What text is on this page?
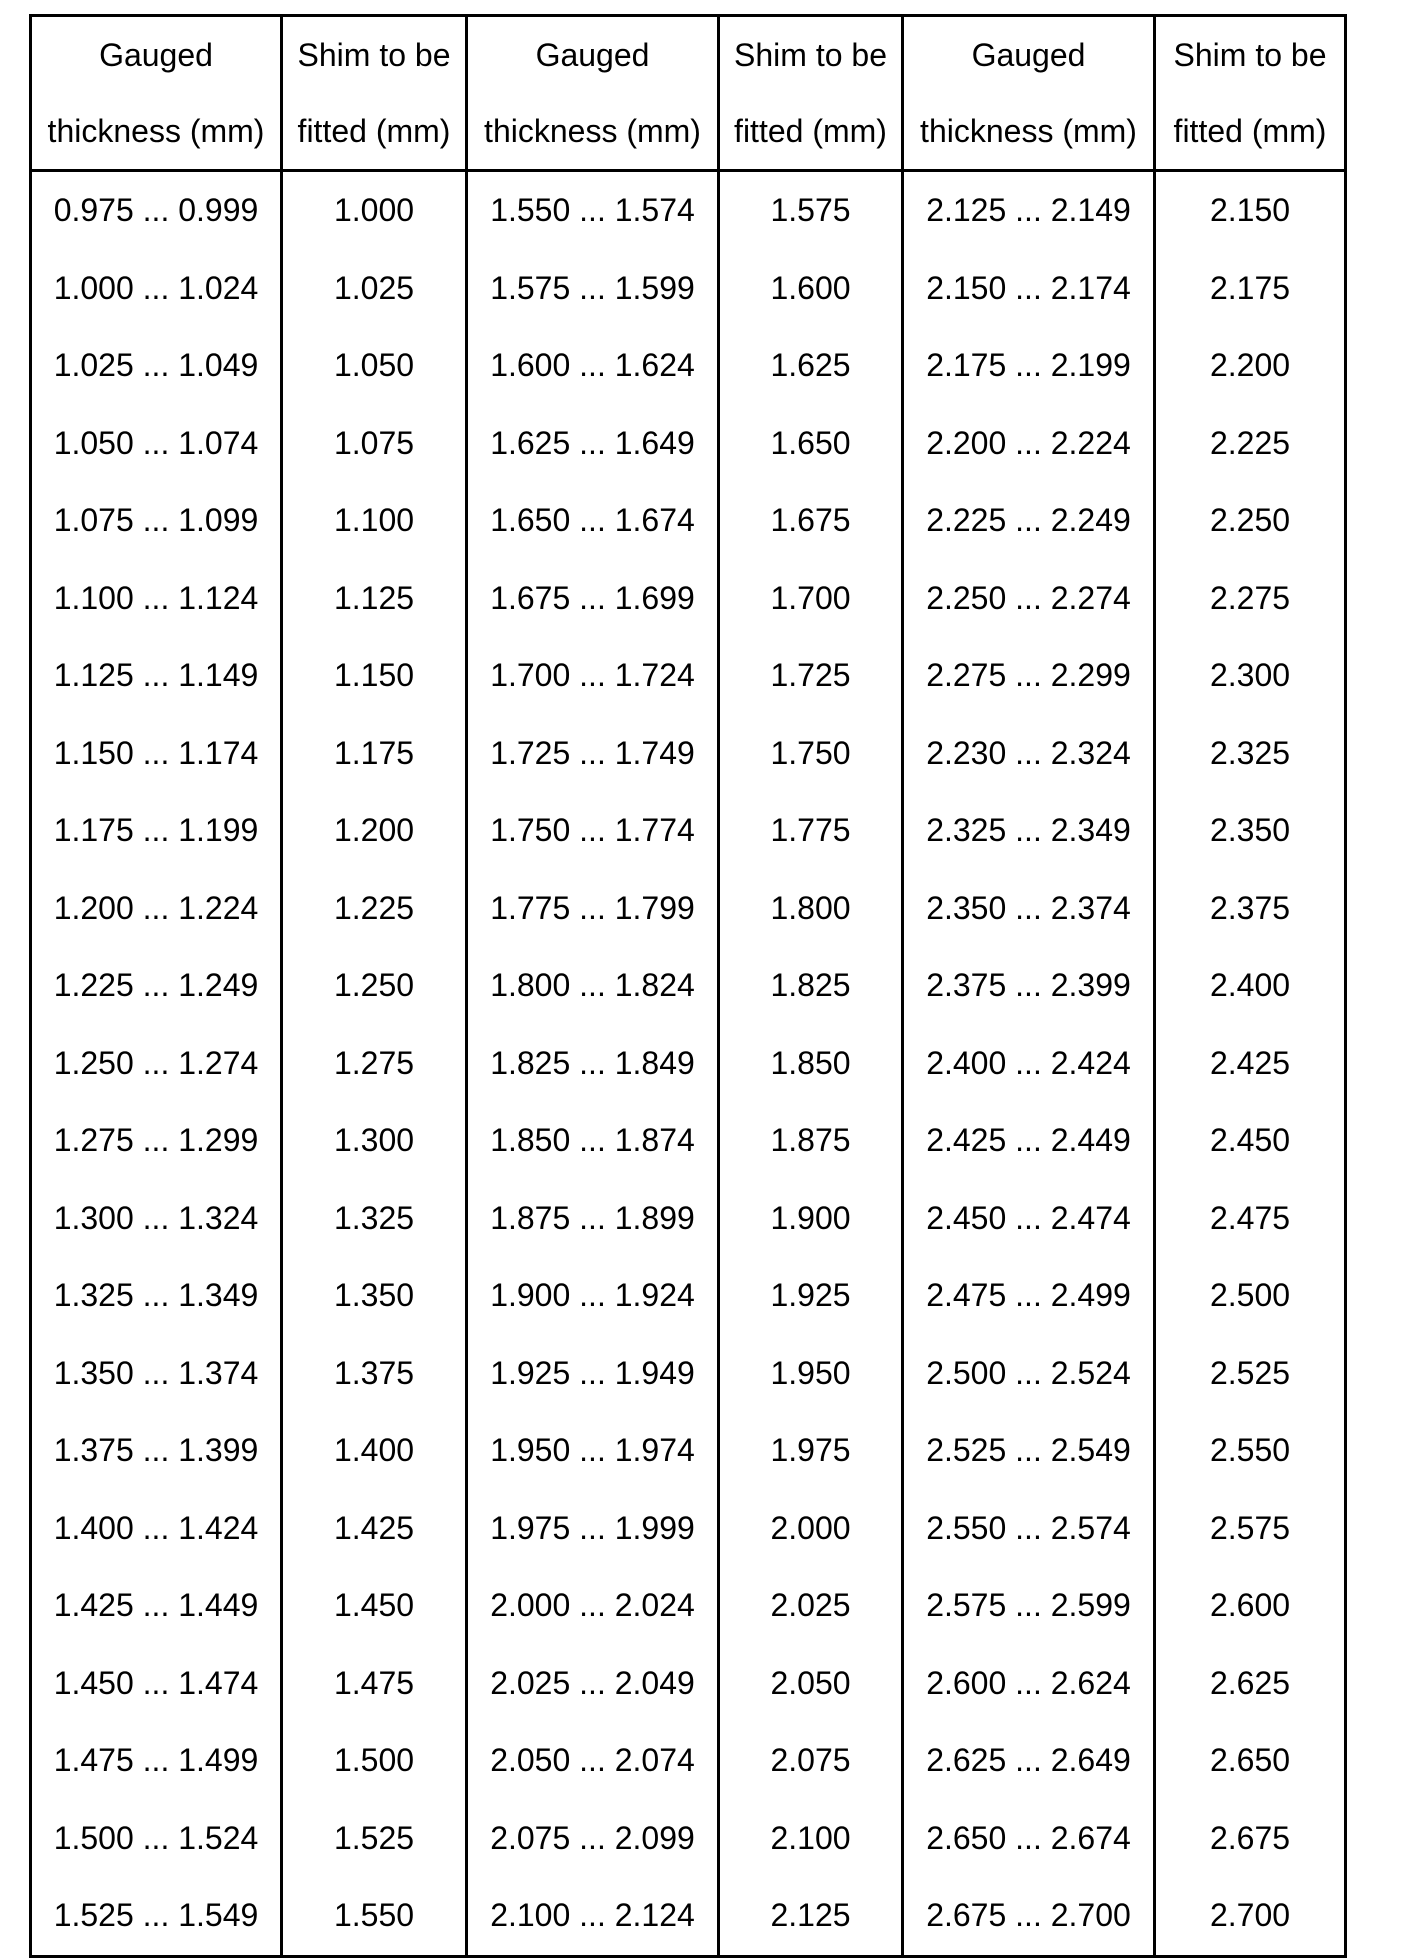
Gauged	Shim to be	Gauged	Shim to be	Gauged	Shim to be
thickness (mm)	fitted (mm)	thickness (mm)	fitted (mm)	thickness (mm)	fitted (mm)
0.975 ... 0.999	1.000	1.550 ... 1.574	1.575	2.125 ... 2.149	2.150
1.000 ... 1.024	1.025	1.575 ... 1.599	1.600	2.150 ... 2.174	2.175
1.025 ... 1.049	1.050	1.600 ... 1.624	1.625	2.175 ... 2.199	2.200
1.050 ... 1.074	1.075	1.625 ... 1.649	1.650	2.200 ... 2.224	2.225
1.075 ... 1.099	1.100	1.650 ... 1.674	1.675	2.225 ... 2.249	2.250
1.100 ... 1.124	1.125	1.675 ... 1.699	1.700	2.250 ... 2.274	2.275
1.125 ... 1.149	1.150	1.700 ... 1.724	1.725	2.275 ... 2.299	2.300
1.150 ... 1.174	1.175	1.725 ... 1.749	1.750	2.230 ... 2.324	2.325
1.175 ... 1.199	1.200	1.750 ... 1.774	1.775	2.325 ... 2.349	2.350
1.200 ... 1.224	1.225	1.775 ... 1.799	1.800	2.350 ... 2.374	2.375
1.225 ... 1.249	1.250	1.800 ... 1.824	1.825	2.375 ... 2.399	2.400
1.250 ... 1.274	1.275	1.825 ... 1.849	1.850	2.400 ... 2.424	2.425
1.275 ... 1.299	1.300	1.850 ... 1.874	1.875	2.425 ... 2.449	2.450
1.300 ... 1.324	1.325	1.875 ... 1.899	1.900	2.450 ... 2.474	2.475
1.325 ... 1.349	1.350	1.900 ... 1.924	1.925	2.475 ... 2.499	2.500
1.350 ... 1.374	1.375	1.925 ... 1.949	1.950	2.500 ... 2.524	2.525
1.375 ... 1.399	1.400	1.950 ... 1.974	1.975	2.525 ... 2.549	2.550
1.400 ... 1.424	1.425	1.975 ... 1.999	2.000	2.550 ... 2.574	2.575
1.425 ... 1.449	1.450	2.000 ... 2.024	2.025	2.575 ... 2.599	2.600
1.450 ... 1.474	1.475	2.025 ... 2.049	2.050	2.600 ... 2.624	2.625
1.475 ... 1.499	1.500	2.050 ... 2.074	2.075	2.625 ... 2.649	2.650
1.500 ... 1.524	1.525	2.075 ... 2.099	2.100	2.650 ... 2.674	2.675
1.525 ... 1.549	1.550	2.100 ... 2.124	2.125	2.675 ... 2.700	2.700
